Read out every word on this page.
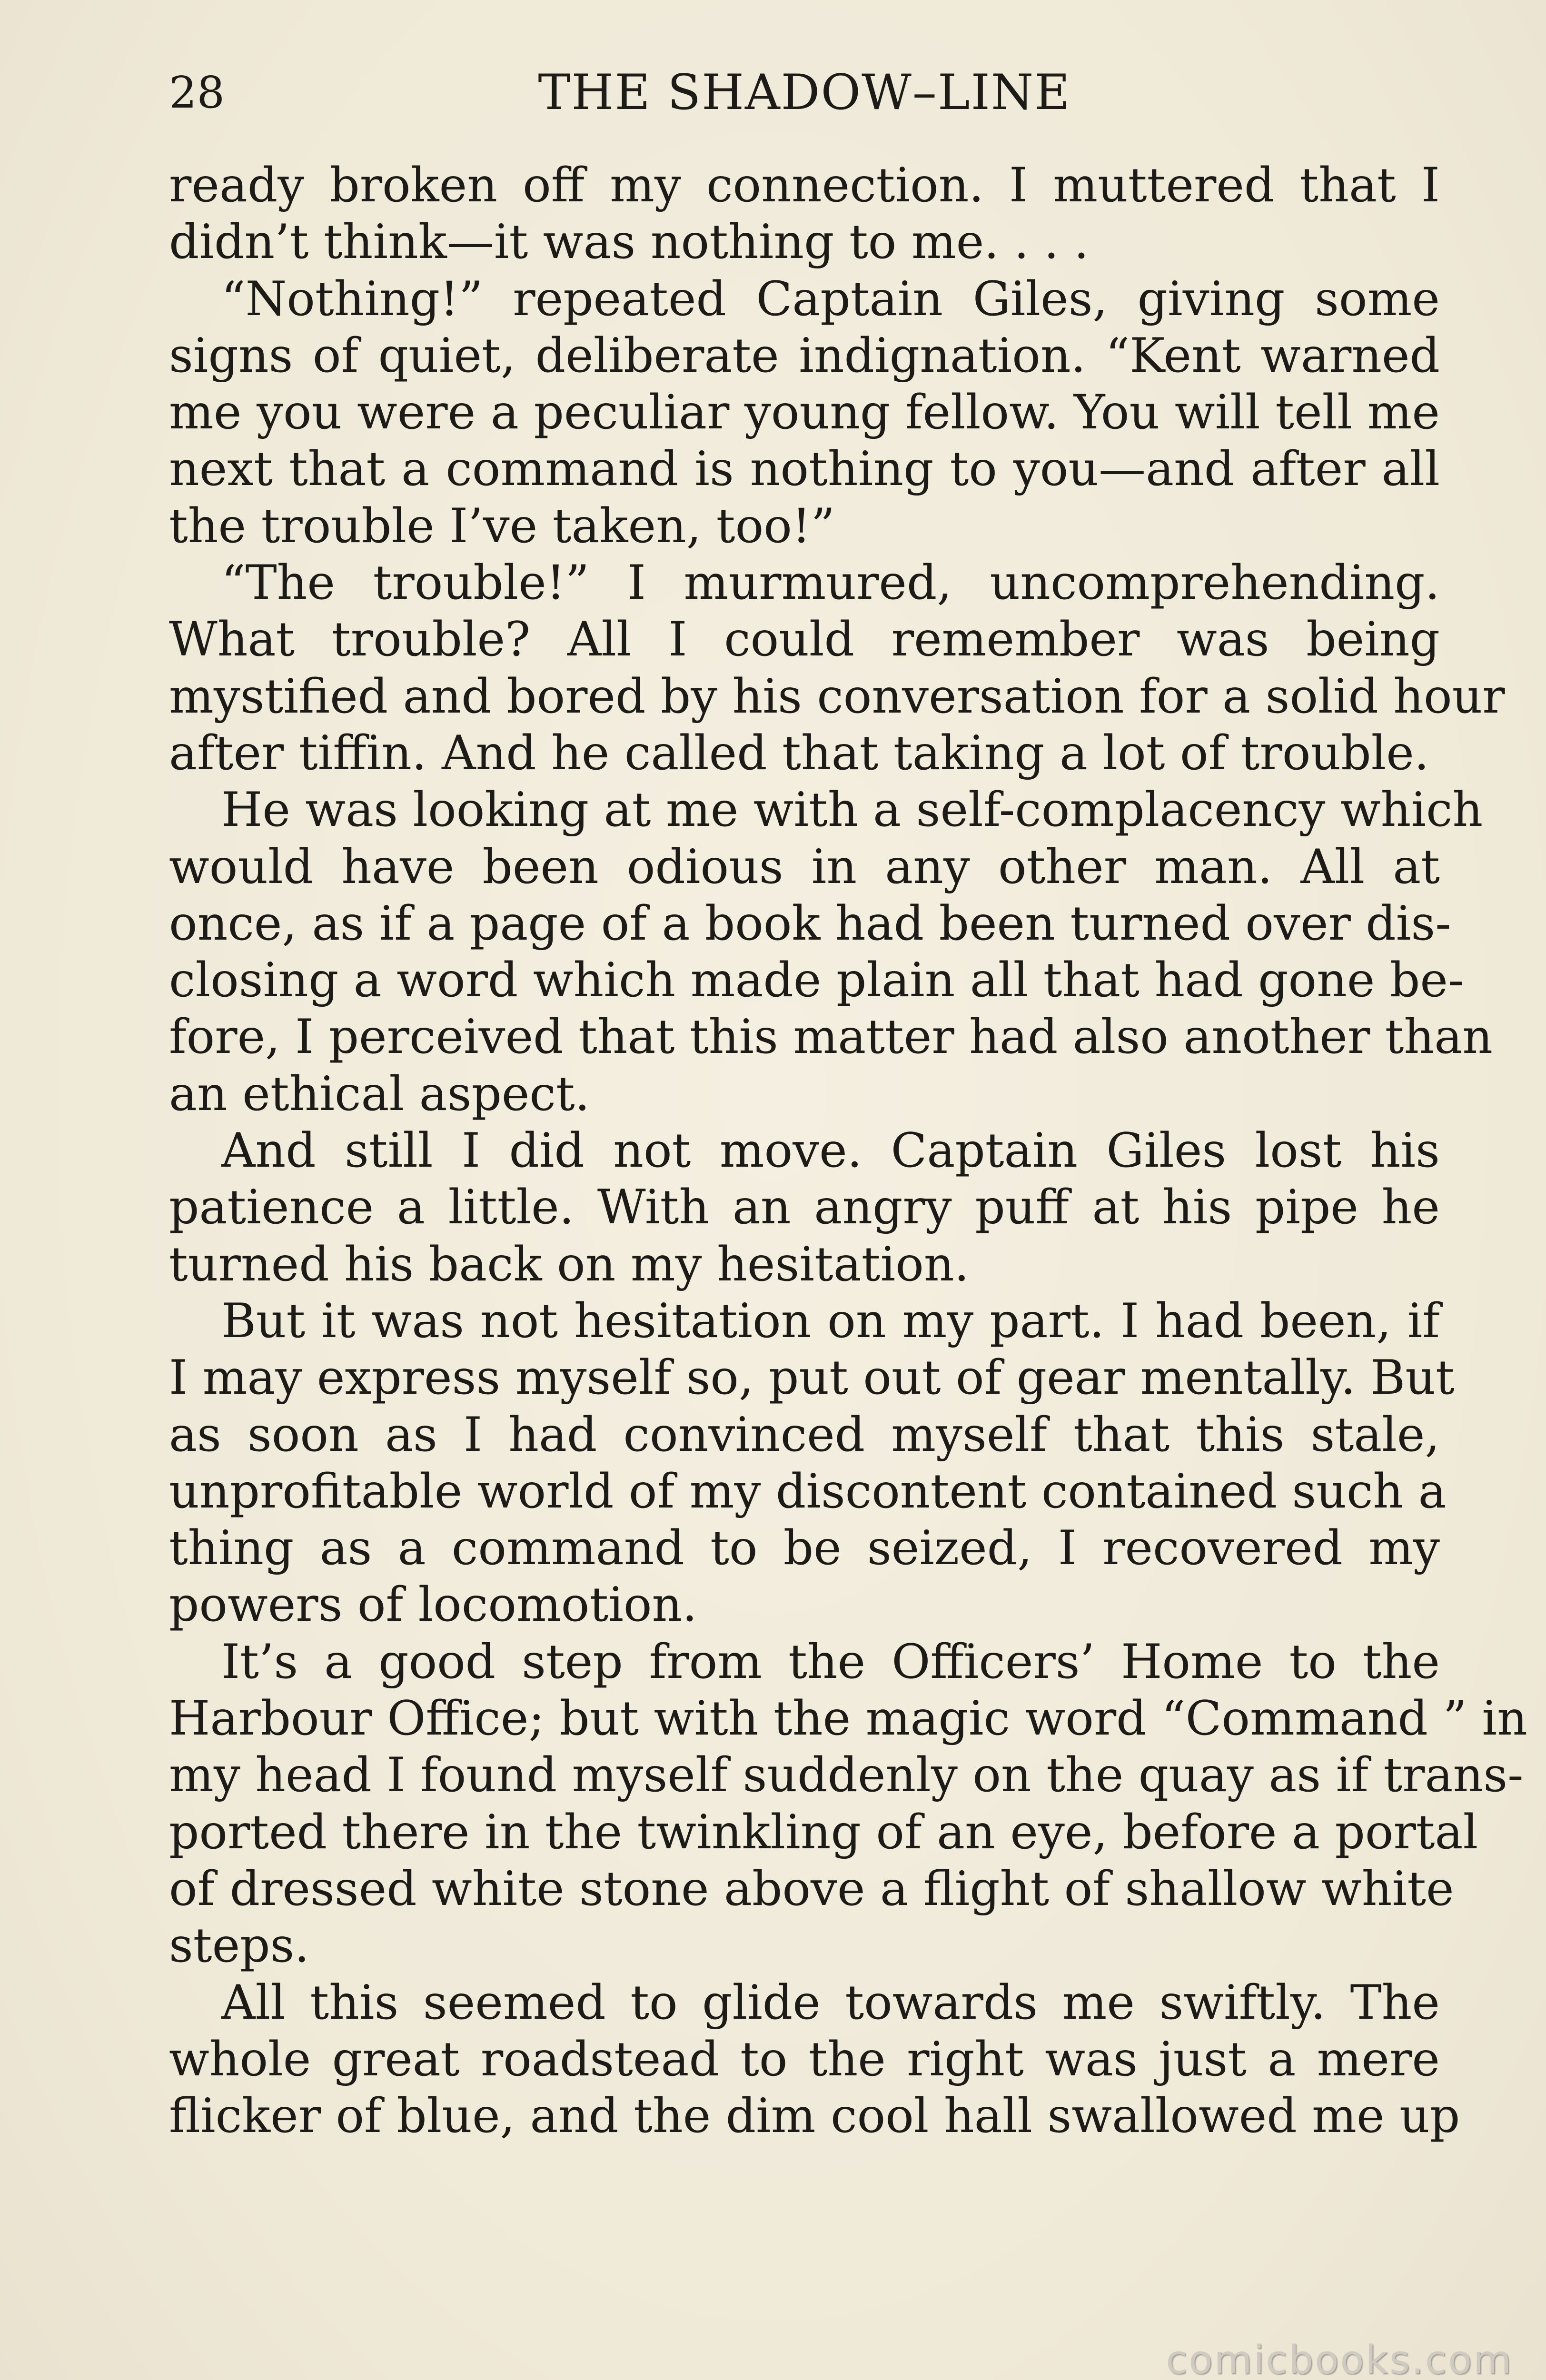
28	THE SHADOW–LINE
ready broken off my connection. I muttered that I
didn’t think—it was nothing to me. . . .
“Nothing!” repeated Captain Giles, giving some
signs of quiet, deliberate indignation. “Kent warned
me you were a peculiar young fellow. You will tell me
next that a command is nothing to you—and after all
the trouble I’ve taken, too!”
“The trouble!” I murmured, uncomprehending.
What trouble? All I could remember was being
mystified and bored by his conversation for a solid hour
after tiffin. And he called that taking a lot of trouble.
He was looking at me with a self-complacency which
would have been odious in any other man. All at
once, as if a page of a book had been turned over dis-
closing a word which made plain all that had gone be-
fore, I perceived that this matter had also another than
an ethical aspect.
And still I did not move. Captain Giles lost his
patience a little. With an angry puff at his pipe he
turned his back on my hesitation.
But it was not hesitation on my part. I had been, if
I may express myself so, put out of gear mentally. But
as soon as I had convinced myself that this stale,
unprofitable world of my discontent contained such a
thing as a command to be seized, I recovered my
powers of locomotion.
It’s a good step from the Officers’ Home to the
Harbour Office; but with the magic word “Command ” in
my head I found myself suddenly on the quay as if trans-
ported there in the twinkling of an eye, before a portal
of dressed white stone above a flight of shallow white
steps.
All this seemed to glide towards me swiftly. The
whole great roadstead to the right was just a mere
flicker of blue, and the dim cool hall swallowed me up
comicbooks.com
